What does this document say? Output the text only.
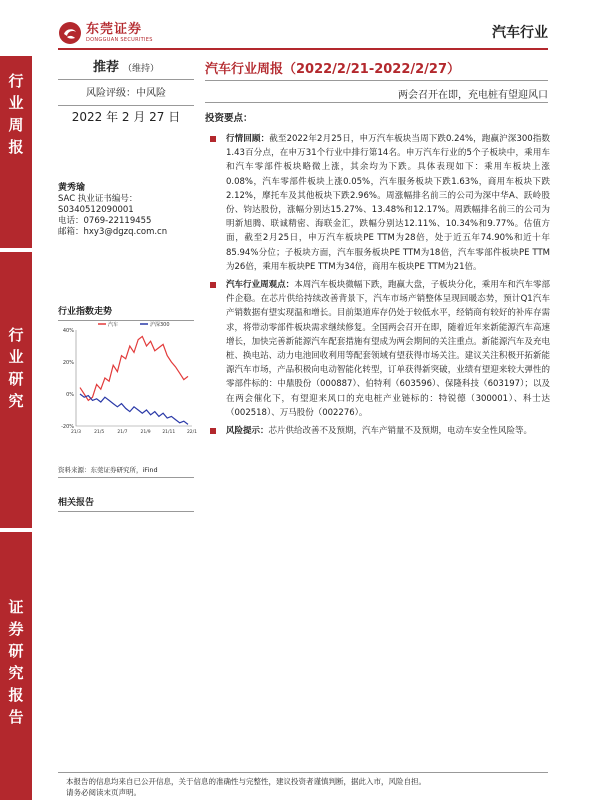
东莞证券
DONGGUAN SECURITIES	汽车行业
行
业
周
报
行
业
研
究
证
券
研
究
报
告
推荐 （维持）
风险评级：中风险
2022 年 2 月 27 日
黄秀瑜
SAC 执业证书编号：
S0340512090001
电话：0769-22119455
邮箱：hxy3@dgzq.com.cn
行业指数走势
40%
20%
0%
-20%
21/3	21/5	21/7	21/9	21/11	22/1
汽车	沪深300
资料来源：东莞证券研究所，iFind
相关报告
汽车行业周报（2022/2/21-2022/2/27）
两会召开在即，充电桩有望迎风口
投资要点：
行情回顾：截至2022年2月25日，申万汽车板块当周下跌0.24%，跑赢沪深300指数1.43百分点，在申万31个行业中排行第14名。申万汽车行业的5个子板块中，乘用车和汽车零部件板块略微上涨，其余均为下跌。具体表现如下：乘用车板块上涨0.08%，汽车零部件板块上涨0.05%，汽车服务板块下跌1.63%，商用车板块下跌2.12%，摩托车及其他板块下跌2.96%。周涨幅排名前三的公司为深中华A、跃岭股份、钧达股份，涨幅分别达15.27%、13.48%和12.17%。周跌幅排名前三的公司为明新旭腾、联诚精密、海联金汇，跌幅分别达12.11%、10.34%和9.77%。估值方面，截至2月25日，申万汽车板块PE TTM为28倍，处于近五年74.90%和近十年85.94%分位；子板块方面，汽车服务板块PE TTM为18倍，汽车零部件板块PE TTM为26倍，乘用车板块PE TTM为34倍，商用车板块PE TTM为21倍。
汽车行业周观点：本周汽车板块微幅下跌，跑赢大盘，子板块分化，乘用车和汽车零部件企稳。在芯片供给持续改善背景下，汽车市场产销整体呈现回暖态势，预计Q1汽车产销数据有望实现温和增长。目前渠道库存仍处于较低水平，经销商有较好的补库存需求，将带动零部件板块需求继续修复。全国两会召开在即，随着近年来新能源汽车高速增长，加快完善新能源汽车配套措施有望成为两会期间的关注重点。新能源汽车及充电桩、换电站、动力电池回收利用等配套领域有望获得市场关注。建议关注积极开拓新能源汽车市场，产品积极向电动智能化转型，订单获得新突破，业绩有望迎来较大弹性的零部件标的：中鼎股份（000887）、伯特利（603596）、保隆科技（603197）；以及在两会催化下，有望迎来风口的充电桩产业链标的：特锐德（300001）、科士达（002518）、万马股份（002276）。
风险提示：芯片供给改善不及预期，汽车产销量不及预期，电动车安全性风险等。
本报告的信息均来自已公开信息，关于信息的准确性与完整性，建议投资者谨慎判断，据此入市，风险自担。
请务必阅读末页声明。
